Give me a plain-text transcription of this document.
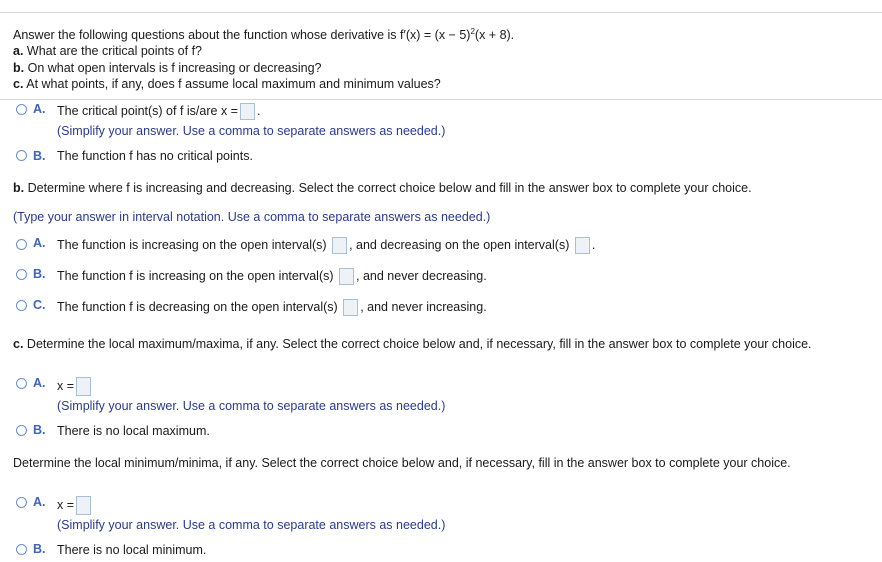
Answer the following questions about the function whose derivative is $f'(x) = (x - 5)^2(x + 8)$.
a. What are the critical points of f?
b. On what open intervals is f increasing or decreasing?
c. At what points, if any, does f assume local maximum and minimum values?
A. The critical point(s) of f is/are x = .
(Simplify your answer. Use a comma to separate answers as needed.)
B. The function f has no critical points.
b. Determine where f is increasing and decreasing. Select the correct choice below and fill in the answer box to complete your choice.
(Type your answer in interval notation. Use a comma to separate answers as needed.)
A. The function is increasing on the open interval(s) , and decreasing on the open interval(s) .
B. The function f is increasing on the open interval(s) , and never decreasing.
C. The function f is decreasing on the open interval(s) , and never increasing.
c. Determine the local maximum/maxima, if any. Select the correct choice below and, if necessary, fill in the answer box to complete your choice.
A. x =
(Simplify your answer. Use a comma to separate answers as needed.)
B. There is no local maximum.
Determine the local minimum/minima, if any. Select the correct choice below and, if necessary, fill in the answer box to complete your choice.
A. x =
(Simplify your answer. Use a comma to separate answers as needed.)
B. There is no local minimum.
